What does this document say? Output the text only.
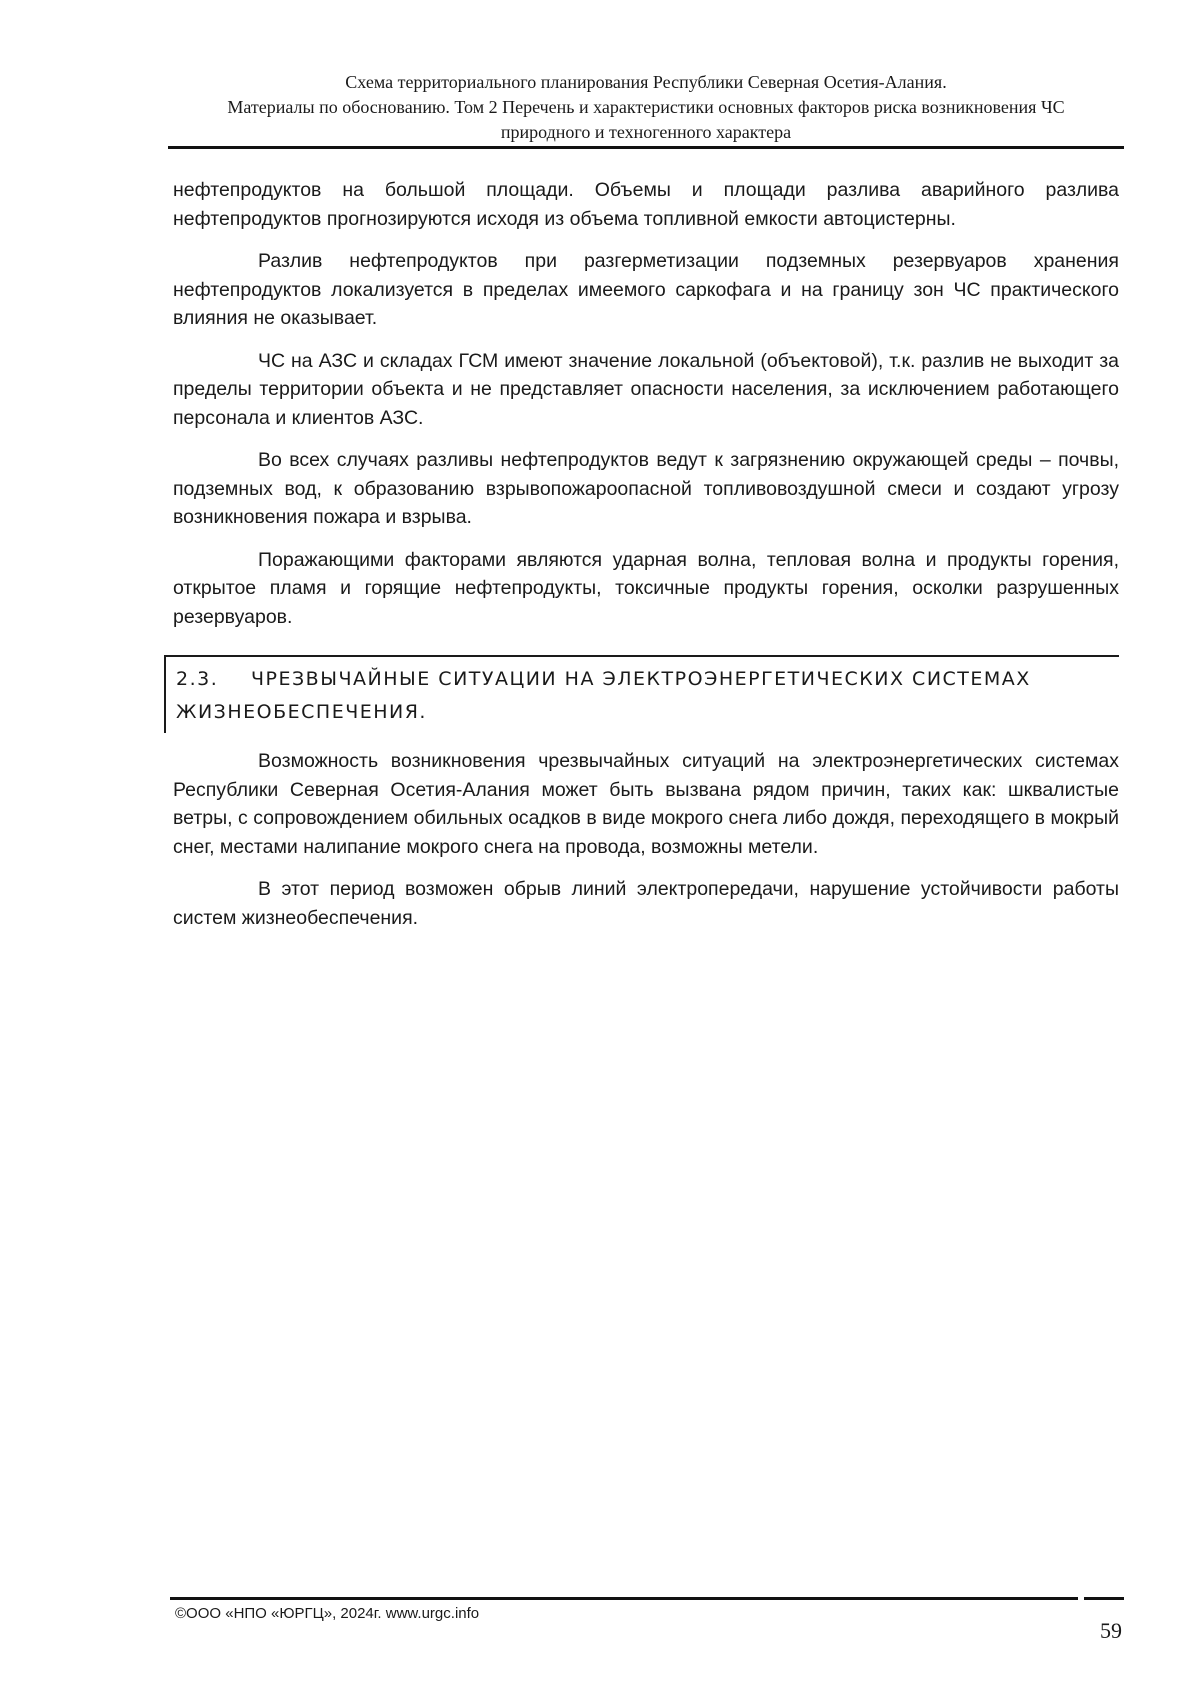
Схема территориального планирования Республики Северная Осетия-Алания.
Материалы по обоснованию. Том 2 Перечень и характеристики основных факторов риска возникновения ЧС
природного и техногенного характера

нефтепродуктов на большой площади. Объемы и площади разлива аварийного разлива нефтепродуктов прогнозируются исходя из объема топливной емкости автоцистерны.

Разлив нефтепродуктов при разгерметизации подземных резервуаров хранения нефтепродуктов локализуется в пределах имеемого саркофага и на границу зон ЧС практического влияния не оказывает.

ЧС на АЗС и складах ГСМ имеют значение локальной (объектовой), т.к. разлив не выходит за пределы территории объекта и не представляет опасности населения, за исключением работающего персонала и клиентов АЗС.

Во всех случаях разливы нефтепродуктов ведут к загрязнению окружающей среды – почвы, подземных вод, к образованию взрывопожароопасной топливовоздушной смеси и создают угрозу возникновения пожара и взрыва.

Поражающими факторами являются ударная волна, тепловая волна и продукты горения, открытое пламя и горящие нефтепродукты, токсичные продукты горения, осколки разрушенных резервуаров.

2.3. ЧРЕЗВЫЧАЙНЫЕ СИТУАЦИИ НА ЭЛЕКТРОЭНЕРГЕТИЧЕСКИХ СИСТЕМАХ ЖИЗНЕОБЕСПЕЧЕНИЯ.

Возможность возникновения чрезвычайных ситуаций на электроэнергетических системах Республики Северная Осетия-Алания может быть вызвана рядом причин, таких как: шквалистые ветры, с сопровождением обильных осадков в виде мокрого снега либо дождя, переходящего в мокрый снег, местами налипание мокрого снега на провода, возможны метели.

В этот период возможен обрыв линий электропередачи, нарушение устойчивости работы систем жизнеобеспечения.

©ООО «НПО «ЮРГЦ», 2024г. www.urgc.info
59
